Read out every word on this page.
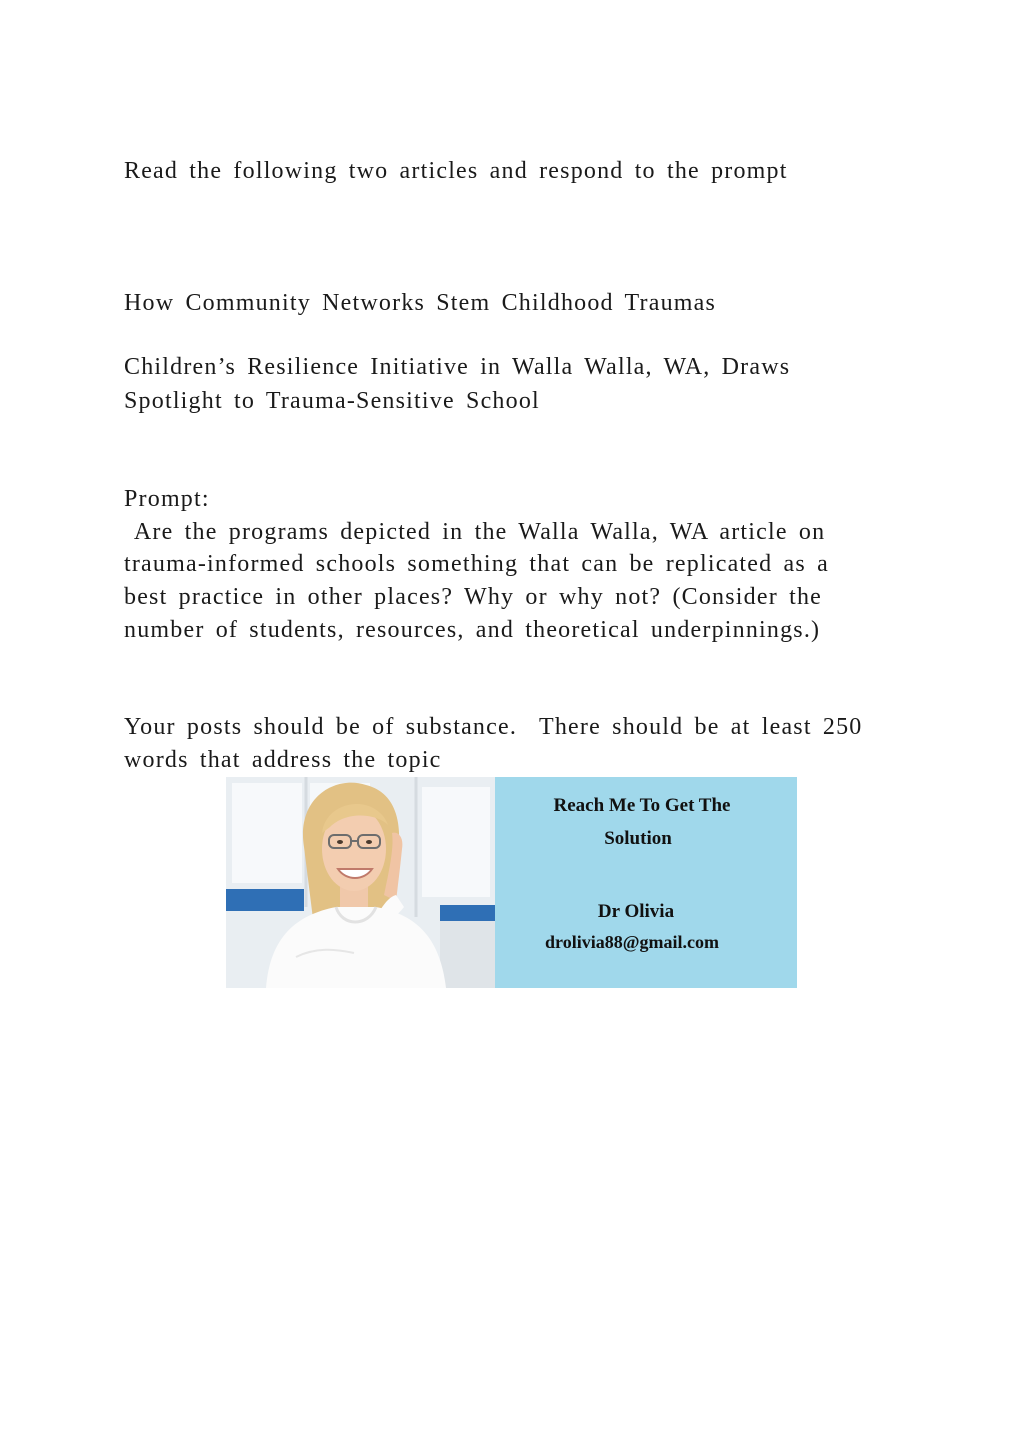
Read the following two articles and respond to the prompt
How Community Networks Stem Childhood Traumas
Children’s Resilience Initiative in Walla Walla, WA, Draws
Spotlight to Trauma-Sensitive School
Prompt:
Are the programs depicted in the Walla Walla, WA article on
trauma-informed schools something that can be replicated as a
best practice in other places? Why or why not? (Consider the
number of students, resources, and theoretical underpinnings.)
Your posts should be of substance.  There should be at least 250
words that address the topic
Reach Me To Get The
Solution
Dr Olivia
drolivia88@gmail.com
